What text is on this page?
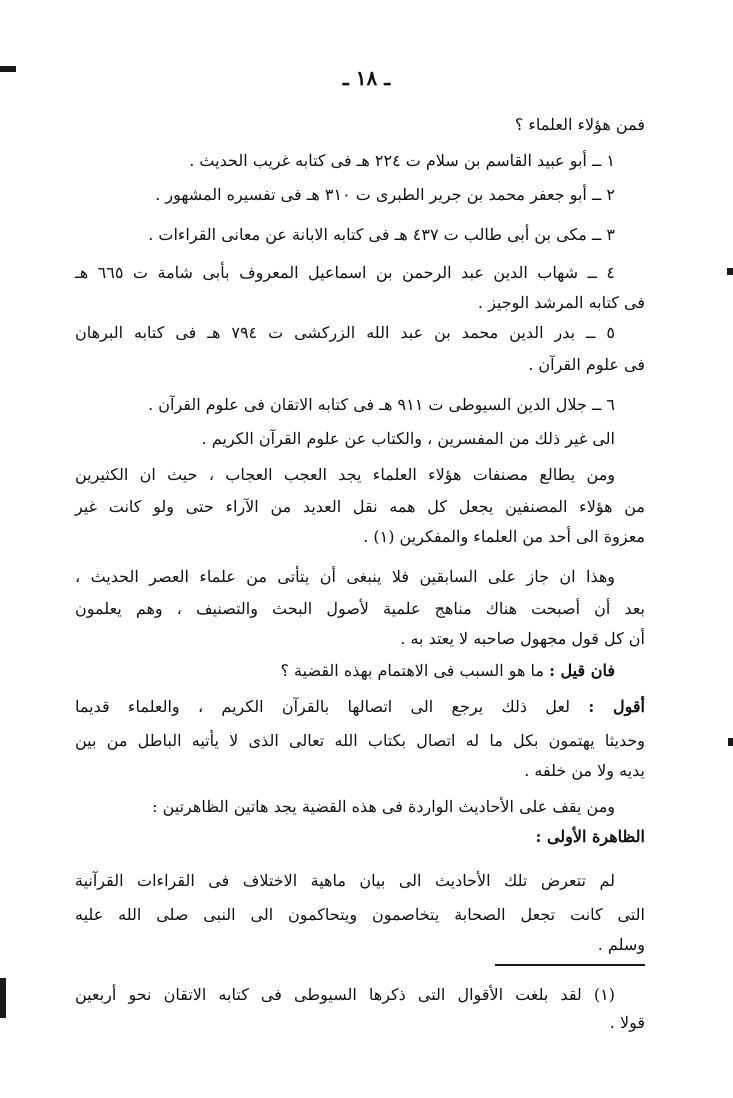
ـ ١٨ ـ
فمن هؤلاء العلماء ؟
١ ــ أبو عبيد القاسم بن سلام ت ٢٢٤ هـ فى كتابه غريب الحديث .
٢ ــ أبو جعفر محمد بن جرير الطبرى ت ٣١٠ هـ فى تفسيره المشهور .
٣ ــ مكى بن أبى طالب ت ٤٣٧ هـ فى كتابه الابانة عن معانى القراءات .
٤ ــ شهاب الدين عبد الرحمن بن اسماعيل المعروف بأبى شامة ت ٦٦٥ هـ
فى كتابه المرشد الوجيز .
٥ ــ بدر الدين محمد بن عبد الله الزركشى ت ٧٩٤ هـ فى كتابه البرهان
فى علوم القرآن .
٦ ــ جلال الدين السيوطى ت ٩١١ هـ فى كتابه الاتقان فى علوم القرآن .
الى غير ذلك من المفسرين ، والكتاب عن علوم القرآن الكريم .
ومن يطالع مصنفات هؤلاء العلماء يجد العجب العجاب ، حيث ان الكثيرين
من هؤلاء المصنفين يجعل كل همه نقل العديد من الآراء حتى ولو كانت غير
معزوة الى أحد من العلماء والمفكرين (١) .
وهذا ان جاز على السابقين فلا ينبغى أن يتأتى من علماء العصر الحديث ،
بعد أن أصبحت هناك مناهج علمية لأصول البحث والتصنيف ، وهم يعلمون
أن كل قول مجهول صاحبه لا يعتد به .
فان قيل : ما هو السبب فى الاهتمام بهذه القضية ؟
أقول : لعل ذلك يرجع الى اتصالها بالقرآن الكريم ، والعلماء قديما
وحديثا يهتمون بكل ما له اتصال بكتاب الله تعالى الذى لا يأتيه الباطل من بين
يديه ولا من خلفه .
ومن يقف على الأحاديث الواردة فى هذه القضية يجد هاتين الظاهرتين :
الظاهرة الأولى :
لم تتعرض تلك الأحاديث الى بيان ماهية الاختلاف فى القراءات القرآنية
التى كانت تجعل الصحابة يتخاصمون ويتحاكمون الى النبى صلى الله عليه
وسلم .
(١) لقد بلغت الأقوال التى ذكرها السيوطى فى كتابه الاتقان نحو أربعين
قولا .
